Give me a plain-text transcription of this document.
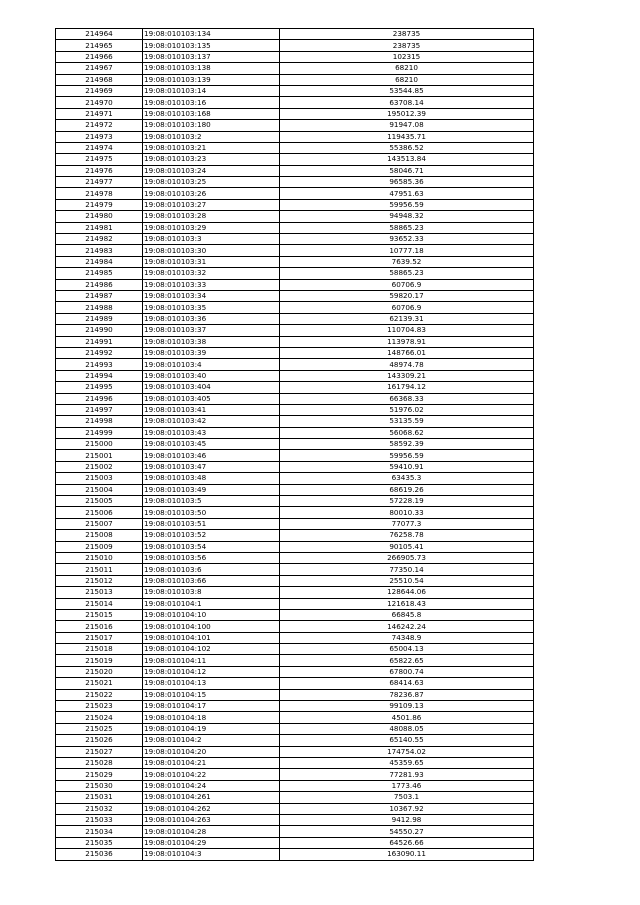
214964	19:08:010103:134	238735
214965	19:08:010103:135	238735
214966	19:08:010103:137	102315
214967	19:08:010103:138	68210
214968	19:08:010103:139	68210
214969	19:08:010103:14	53544.85
214970	19:08:010103:16	63708.14
214971	19:08:010103:168	195012.39
214972	19:08:010103:180	91947.08
214973	19:08:010103:2	119435.71
214974	19:08:010103:21	55386.52
214975	19:08:010103:23	143513.84
214976	19:08:010103:24	58046.71
214977	19:08:010103:25	96585.36
214978	19:08:010103:26	47951.63
214979	19:08:010103:27	59956.59
214980	19:08:010103:28	94948.32
214981	19:08:010103:29	58865.23
214982	19:08:010103:3	93652.33
214983	19:08:010103:30	10777.18
214984	19:08:010103:31	7639.52
214985	19:08:010103:32	58865.23
214986	19:08:010103:33	60706.9
214987	19:08:010103:34	59820.17
214988	19:08:010103:35	60706.9
214989	19:08:010103:36	62139.31
214990	19:08:010103:37	110704.83
214991	19:08:010103:38	113978.91
214992	19:08:010103:39	148766.01
214993	19:08:010103:4	48974.78
214994	19:08:010103:40	143309.21
214995	19:08:010103:404	161794.12
214996	19:08:010103:405	66368.33
214997	19:08:010103:41	51976.02
214998	19:08:010103:42	53135.59
214999	19:08:010103:43	56068.62
215000	19:08:010103:45	58592.39
215001	19:08:010103:46	59956.59
215002	19:08:010103:47	59410.91
215003	19:08:010103:48	63435.3
215004	19:08:010103:49	68619.26
215005	19:08:010103:5	57228.19
215006	19:08:010103:50	80010.33
215007	19:08:010103:51	77077.3
215008	19:08:010103:52	76258.78
215009	19:08:010103:54	90105.41
215010	19:08:010103:56	266905.73
215011	19:08:010103:6	77350.14
215012	19:08:010103:66	25510.54
215013	19:08:010103:8	128644.06
215014	19:08:010104:1	121618.43
215015	19:08:010104:10	66845.8
215016	19:08:010104:100	146242.24
215017	19:08:010104:101	74348.9
215018	19:08:010104:102	65004.13
215019	19:08:010104:11	65822.65
215020	19:08:010104:12	67800.74
215021	19:08:010104:13	68414.63
215022	19:08:010104:15	78236.87
215023	19:08:010104:17	99109.13
215024	19:08:010104:18	4501.86
215025	19:08:010104:19	48088.05
215026	19:08:010104:2	65140.55
215027	19:08:010104:20	174754.02
215028	19:08:010104:21	45359.65
215029	19:08:010104:22	77281.93
215030	19:08:010104:24	1773.46
215031	19:08:010104:261	7503.1
215032	19:08:010104:262	10367.92
215033	19:08:010104:263	9412.98
215034	19:08:010104:28	54550.27
215035	19:08:010104:29	64526.66
215036	19:08:010104:3	163090.11
